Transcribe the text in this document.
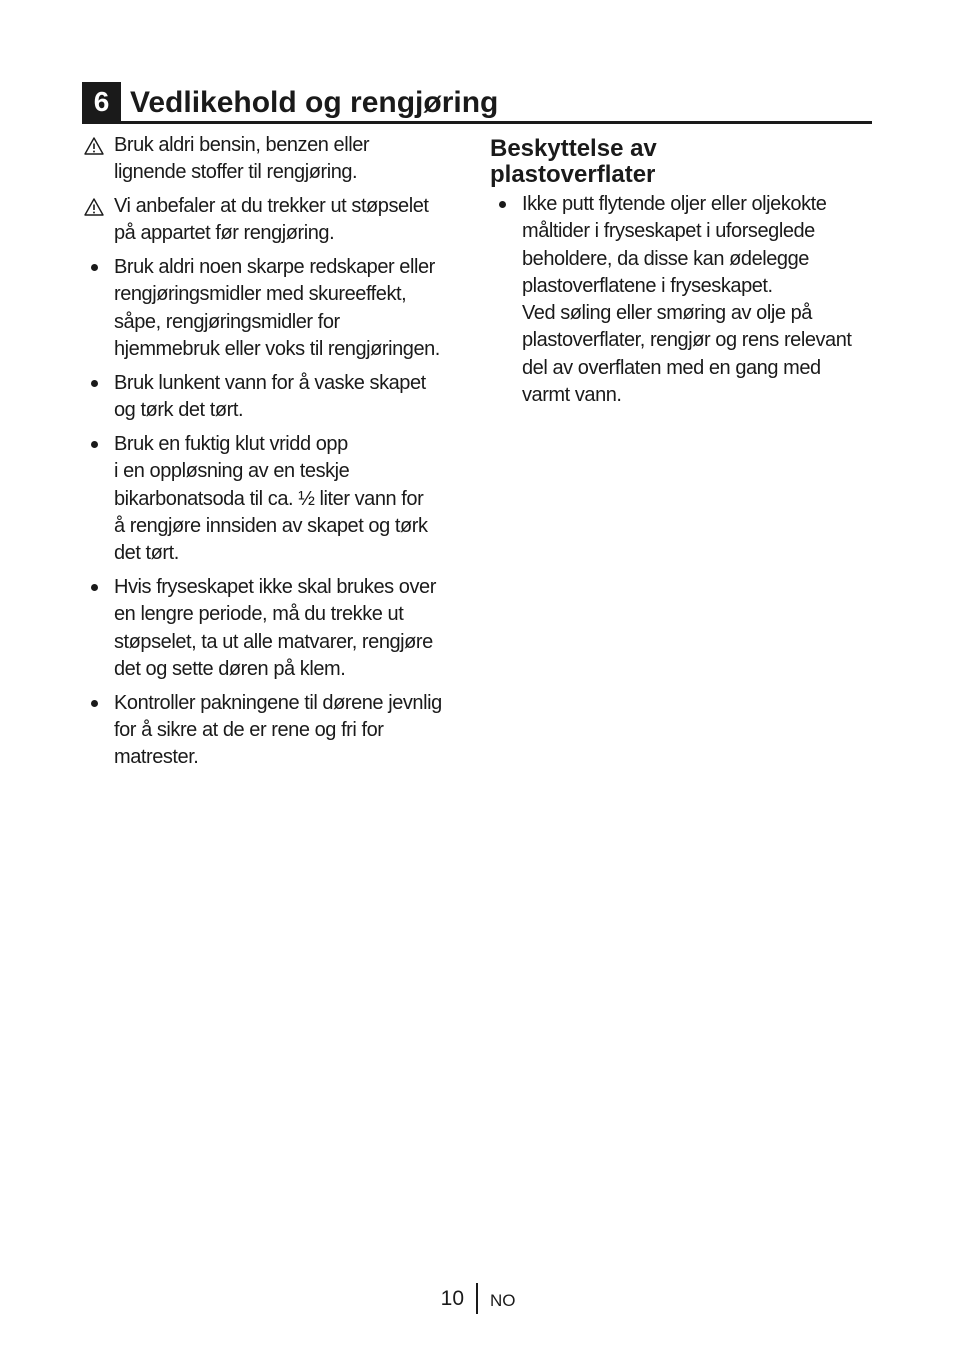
6 Vedlikehold og rengjøring
Bruk aldri bensin, benzen eller
lignende stoffer til rengjøring.
Vi anbefaler at du trekker ut støpselet
på appartet før rengjøring.
Bruk aldri noen skarpe redskaper eller
rengjøringsmidler med skureeffekt,
såpe, rengjøringsmidler for
hjemmebruk eller voks til rengjøringen.
Bruk lunkent vann for å vaske skapet
og tørk det tørt.
Bruk en fuktig klut vridd opp
i en oppløsning av en teskje
bikarbonatsoda til ca. ½ liter vann for
å rengjøre innsiden av skapet og tørk
det tørt.
Hvis fryseskapet ikke skal brukes over
en lengre periode, må du trekke ut
støpselet, ta ut alle matvarer, rengjøre
det og sette døren på klem.
Kontroller pakningene til dørene jevnlig
for å sikre at de er rene og fri for
matrester.
Beskyttelse av
plastoverflater
Ikke putt flytende oljer eller oljekokte
måltider i fryseskapet i uforseglede
beholdere, da disse kan ødelegge
plastoverflatene i fryseskapet.
Ved søling eller smøring av olje på
plastoverflater, rengjør og rens relevant
del av overflaten med en gang med
varmt vann.
10 NO
